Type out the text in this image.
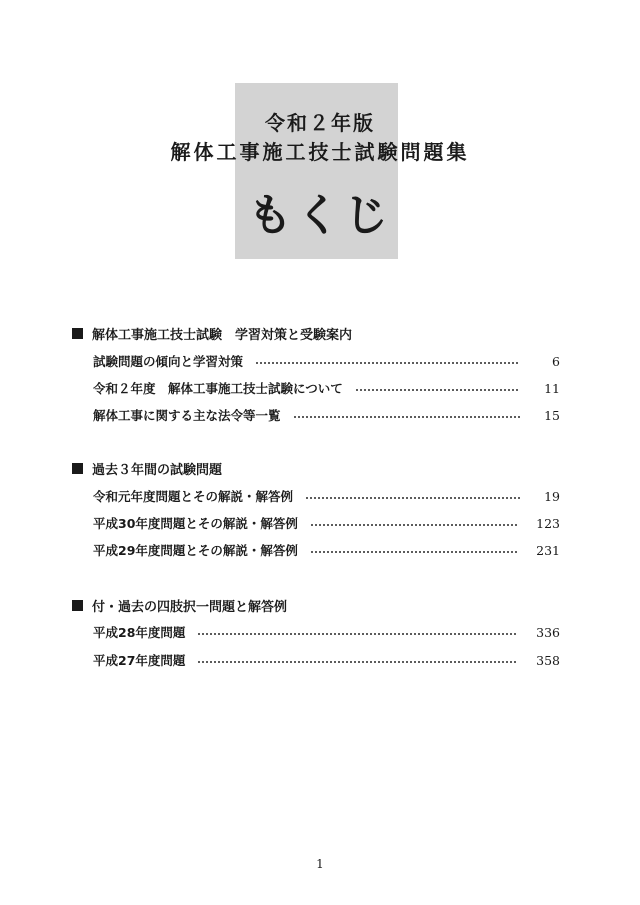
令和２年版
解体工事施工技士試験問題集
もくじ
解体工事施工技士試験　学習対策と受験案内
試験問題の傾向と学習対策	6
令和２年度　解体工事施工技士試験について	11
解体工事に関する主な法令等一覧	15
過去３年間の試験問題
令和元年度問題とその解説・解答例	19
平成30年度問題とその解説・解答例	123
平成29年度問題とその解説・解答例	231
付・過去の四肢択一問題と解答例
平成28年度問題	336
平成27年度問題	358
1
